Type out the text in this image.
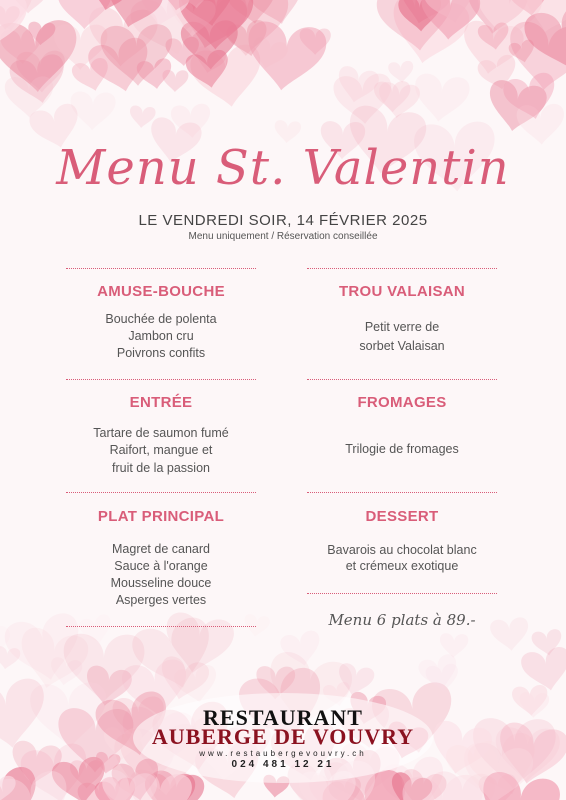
Menu St. Valentin
LE VENDREDI SOIR, 14 FÉVRIER 2025
Menu uniquement / Réservation conseillée
AMUSE-BOUCHE
Bouchée de polenta
Jambon cru
Poivrons confits
ENTRÉE
Tartare de saumon fumé
Raifort, mangue et
fruit de la passion
PLAT PRINCIPAL
Magret de canard
Sauce à l'orange
Mousseline douce
Asperges vertes
TROU VALAISAN
Petit verre de
sorbet Valaisan
FROMAGES
Trilogie de fromages
DESSERT
Bavarois au chocolat blanc
et crémeux exotique
Menu 6 plats à 89.-
RESTAURANT
AUBERGE DE VOUVRY
www.restaubergevouvry.ch
024 481 12 21
